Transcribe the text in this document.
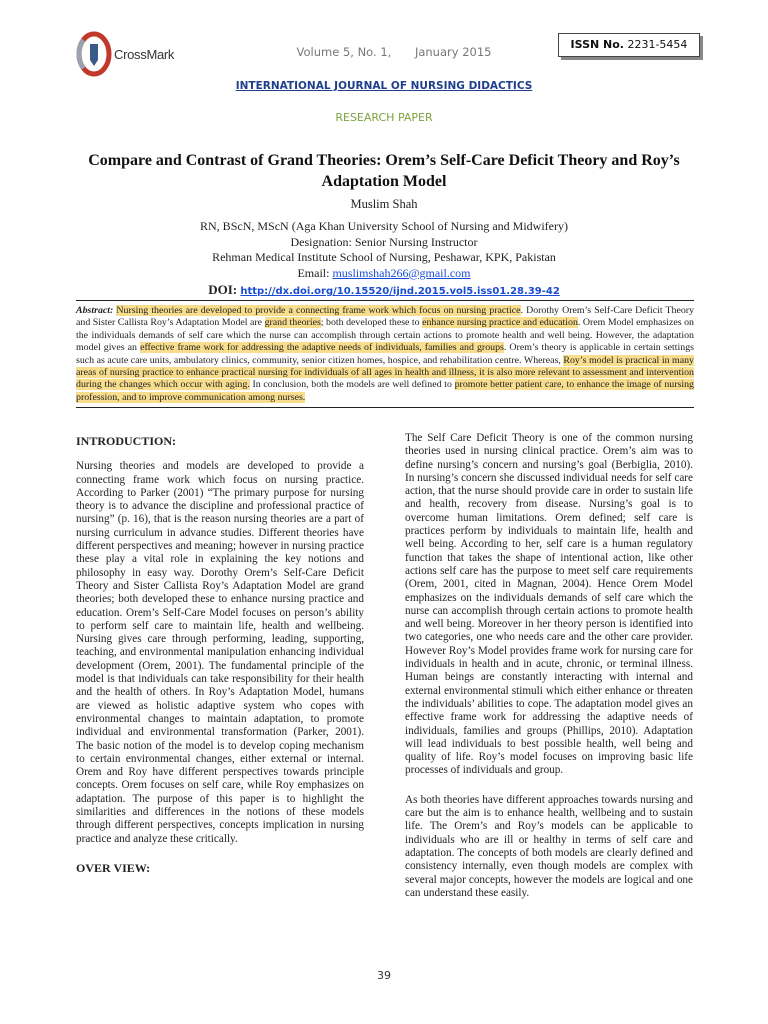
CrossMark	Volume 5, No. 1, January 2015
ISSN No. 2231-5454
INTERNATIONAL JOURNAL OF NURSING DIDACTICS
RESEARCH PAPER
Compare and Contrast of Grand Theories: Orem’s Self-Care Deficit Theory and Roy’s Adaptation Model
Muslim Shah
RN, BScN, MScN (Aga Khan University School of Nursing and Midwifery)
Designation: Senior Nursing Instructor
Rehman Medical Institute School of Nursing, Peshawar, KPK, Pakistan
Email: muslimshah266@gmail.com
DOI: http://dx.doi.org/10.15520/ijnd.2015.vol5.iss01.28.39-42
Abstract: Nursing theories are developed to provide a connecting frame work which focus on nursing practice. Dorothy Orem’s Self-Care Deficit Theory and Sister Callista Roy’s Adaptation Model are grand theories; both developed these to enhance nursing practice and education. Orem Model emphasizes on the individuals demands of self care which the nurse can accomplish through certain actions to promote health and well being. However, the adaptation model gives an effective frame work for addressing the adaptive needs of individuals, families and groups. Orem’s theory is applicable in certain settings such as acute care units, ambulatory clinics, community, senior citizen homes, hospice, and rehabilitation centre. Whereas, Roy’s model is practical in many areas of nursing practice to enhance practical nursing for individuals of all ages in health and illness, it is also more relevant to assessment and intervention during the changes which occur with aging. In conclusion, both the models are well defined to promote better patient care, to enhance the image of nursing profession, and to improve communication among nurses.

INTRODUCTION:

Nursing theories and models are developed to provide a connecting frame work which focus on nursing practice. According to Parker (2001) “The primary purpose for nursing theory is to advance the discipline and professional practice of nursing” (p. 16), that is the reason nursing theories are a part of nursing curriculum in advance studies. Different theories have different perspectives and meaning; however in nursing practice these play a vital role in explaining the key notions and philosophy in easy way. Dorothy Orem’s Self-Care Deficit Theory and Sister Callista Roy’s Adaptation Model are grand theories; both developed these to enhance nursing practice and education. Orem’s Self-Care Model focuses on person’s ability to perform self care to maintain life, health and wellbeing. Nursing gives care through performing, leading, supporting, teaching, and environmental manipulation enhancing individual development (Orem, 2001). The fundamental principle of the model is that individuals can take responsibility for their health and the health of others. In Roy’s Adaptation Model, humans are viewed as holistic adaptive system who copes with environmental changes to maintain adaptation, to promote individual and environmental transformation (Parker, 2001). The basic notion of the model is to develop coping mechanism to certain environmental changes, either external or internal. Orem and Roy have different perspectives towards principle concepts. Orem focuses on self care, while Roy emphasizes on adaptation. The purpose of this paper is to highlight the similarities and differences in the notions of these models through different perspectives, concepts implication in nursing practice and analyze these critically.

OVER VIEW:

The Self Care Deficit Theory is one of the common nursing theories used in nursing clinical practice. Orem’s aim was to define nursing’s concern and nursing’s goal (Berbiglia, 2010). In nursing’s concern she discussed individual needs for self care action, that the nurse should provide care in order to sustain life and health, recovery from disease. Nursing’s goal is to overcome human limitations. Orem defined; self care is practices perform by individuals to maintain life, health and well being. According to her, self care is a human regulatory function that takes the shape of intentional action, like other actions self care has the purpose to meet self care requirements (Orem, 2001, cited in Magnan, 2004). Hence Orem Model emphasizes on the individuals demands of self care which the nurse can accomplish through certain actions to promote health and well being. Moreover in her theory person is identified into two categories, one who needs care and the other care provider. However Roy’s Model provides frame work for nursing care for individuals in health and in acute, chronic, or terminal illness. Human beings are constantly interacting with internal and external environmental stimuli which either enhance or threaten the individuals’ abilities to cope. The adaptation model gives an effective frame work for addressing the adaptive needs of individuals, families and groups (Phillips, 2010). Adaptation will lead individuals to best possible health, well being and quality of life. Roy’s model focuses on improving basic life processes of individuals and group.

As both theories have different approaches towards nursing and care but the aim is to enhance health, wellbeing and to sustain life. The Orem’s and Roy’s models can be applicable to individuals who are ill or healthy in terms of self care and adaptation. The concepts of both models are clearly defined and consistency internally, even though models are complex with several major concepts, however the models are logical and one can understand these easily.

39
